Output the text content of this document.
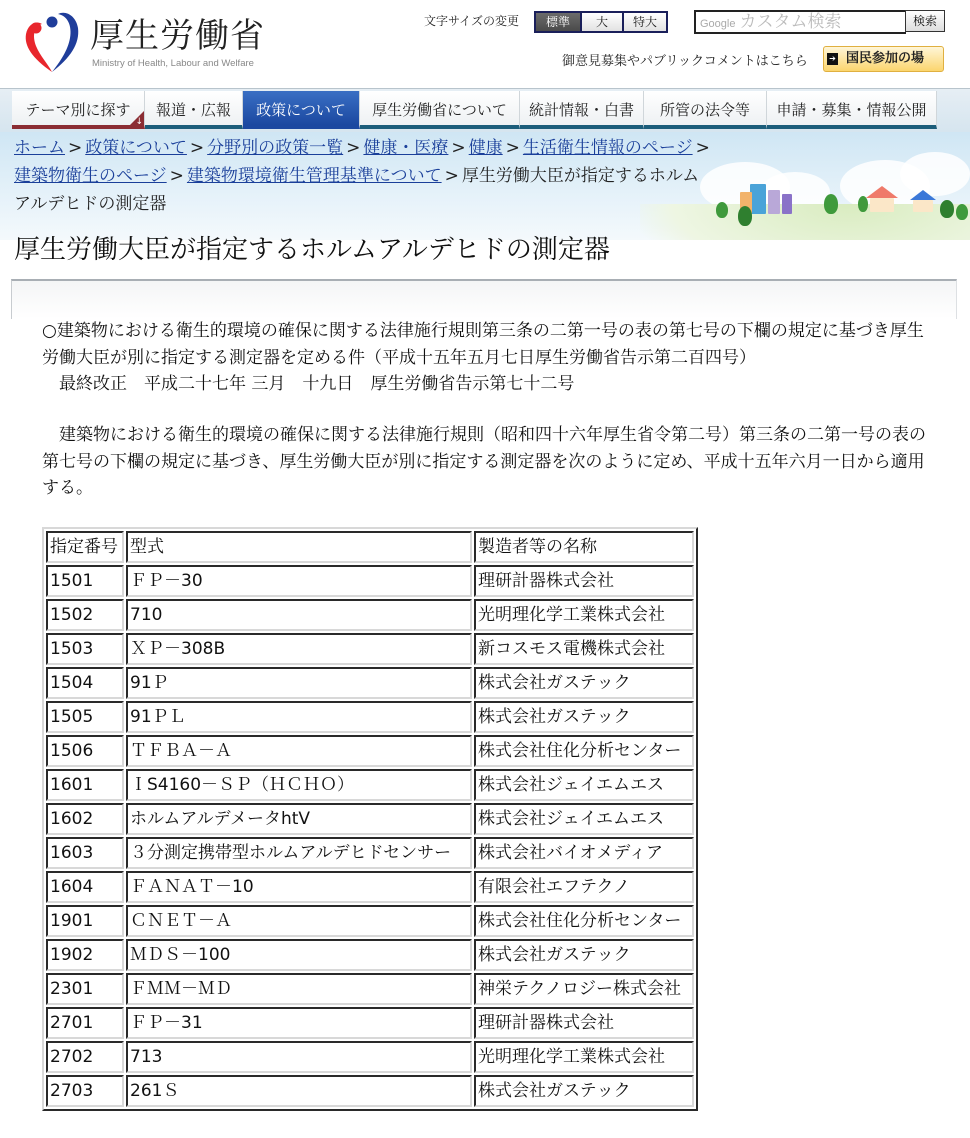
厚生労働省
Ministry of Health, Labour and Welfare
文字サイズの変更	標準	大	特大	Google カスタム検索	検索
御意見募集やパブリックコメントはこちら	➔ 国民参加の場
テーマ別に探す
↓
報道・広報	政策について	厚生労働省について	統計情報・白書	所管の法令等	申請・募集・情報公開
ホーム > 政策について > 分野別の政策一覧 > 健康・医療 > 健康 > 生活衛生情報のページ >建築物衛生のページ > 建築物環境衛生管理基準について > 厚生労働大臣が指定するホルムアルデヒドの測定器
厚生労働大臣が指定するホルムアルデヒドの測定器
○建築物における衛生的環境の確保に関する法律施行規則第三条の二第一号の表の第七号の下欄の規定に基づき厚生労働大臣が別に指定する測定器を定める件（平成十五年五月七日厚生労働省告示第二百四号）
最終改正　平成二十七年 三月　十九日　厚生労働省告示第七十二号
建築物における衛生的環境の確保に関する法律施行規則（昭和四十六年厚生省令第二号）第三条の二第一号の表の第七号の下欄の規定に基づき、厚生労働大臣が別に指定する測定器を次のように定め、平成十五年六月一日から適用する。
指定番号	型式	製造者等の名称
1501	ＦＰ－30	理研計器株式会社
1502	710	光明理化学工業株式会社
1503	ＸＰ－308B	新コスモス電機株式会社
1504	91Ｐ	株式会社ガステック
1505	91ＰＬ	株式会社ガステック
1506	ＴＦＢＡ－Ａ	株式会社住化分析センター
1601	ＩS4160－ＳＰ（ＨＣＨＯ）	株式会社ジェイエムエス
1602	ホルムアルデメータhtV	株式会社ジェイエムエス
1603	３分測定携帯型ホルムアルデヒドセンサー	株式会社バイオメディア
1604	ＦＡＮＡＴ－10	有限会社エフテクノ
1901	ＣＮＥＴ－Ａ	株式会社住化分析センター
1902	ＭＤＳ－100	株式会社ガステック
2301	ＦＭＭ－ＭＤ	神栄テクノロジー株式会社
2701	ＦＰ－31	理研計器株式会社
2702	713	光明理化学工業株式会社
2703	261Ｓ	株式会社ガステック
